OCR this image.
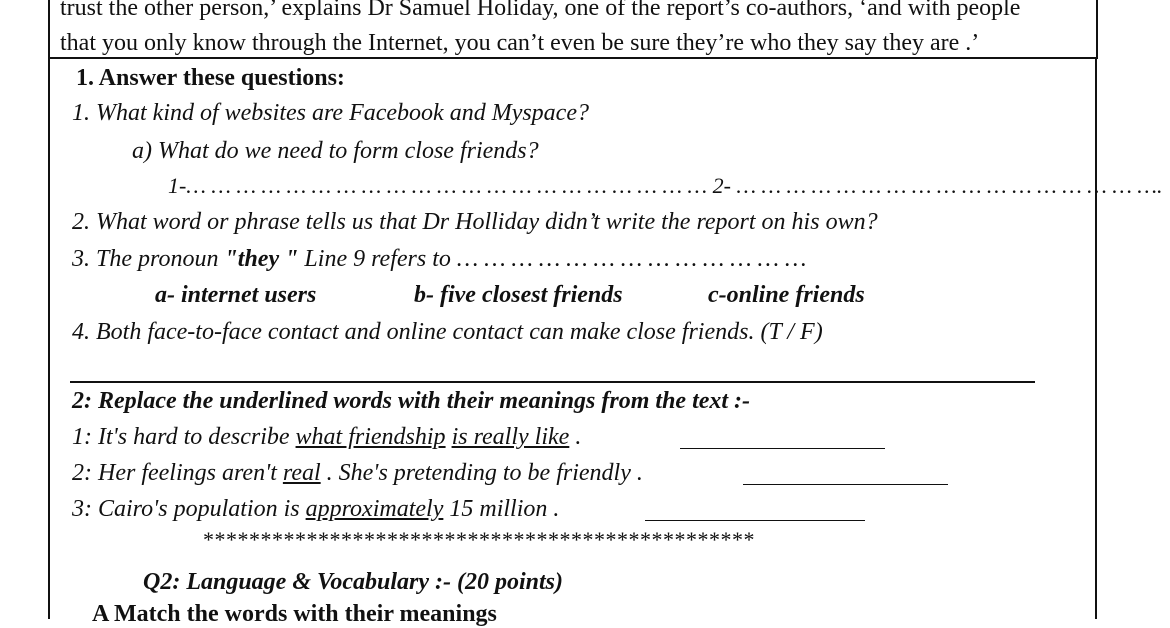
trust the other person,’ explains Dr Samuel Holiday, one of the report’s co-authors, ‘and with people
that you only know through the Internet, you can’t even be sure they’re who they say they are .’
1. Answer these questions:
1. What kind of websites are Facebook and Myspace?
a) What do we need to form close friends?
1-… … … … … … … … … … … … … … … … … … … … … 2- … … … … … … … … … … … … … … … … ….
2. What word or phrase tells us that Dr Holliday didn’t write the report on his own?
3. The pronoun "they " Line 9 refers to … … … … … … … … … … … … …
a- internet users	b- five closest friends	c-online friends
4. Both face-to-face contact and online contact can make close friends. (T / F)
2: Replace the underlined words with their meanings from the text :-
1: It's hard to describe what friendship is really like .
2: Her feelings aren't real . She's pretending to be friendly .
3: Cairo's population is approximately 15 million .
************************************************
Q2: Language & Vocabulary :- (20 points)
A Match the words with their meanings
